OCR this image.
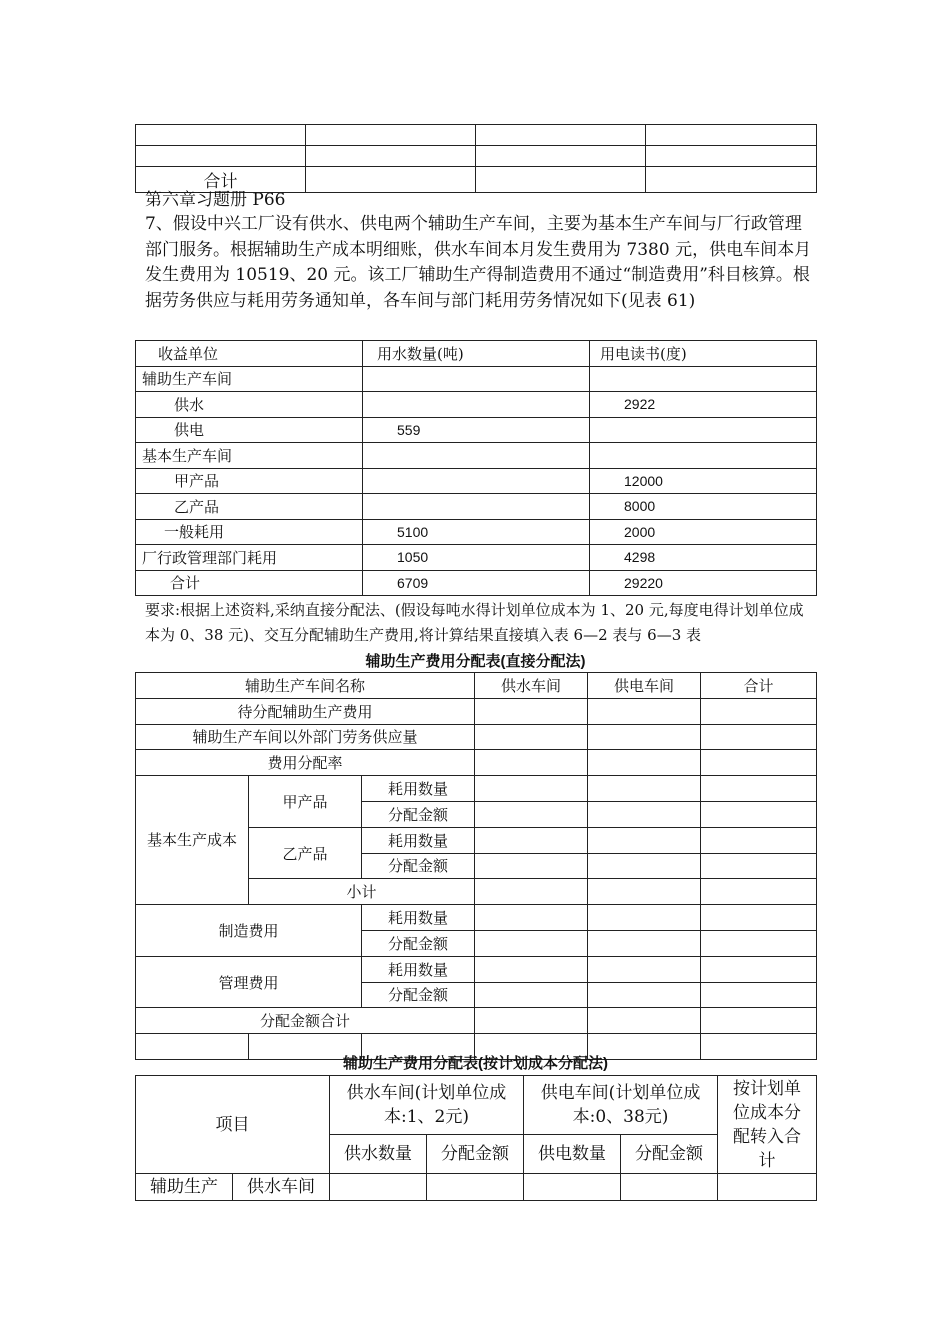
合计			
第六章习题册 P66
7、假设中兴工厂设有供水、供电两个辅助生产车间，主要为基本生产车间与厂行政管理部门服务。根据辅助生产成本明细账，供水车间本月发生费用为 7380 元，供电车间本月发生费用为 10519、20 元。该工厂辅助生产得制造费用不通过“制造费用”科目核算。根据劳务供应与耗用劳务通知单，各车间与部门耗用劳务情况如下(见表 61)
收益单位	用水数量(吨)	用电读书(度)
辅助生产车间		
供水		2922
供电	559	
基本生产车间		
甲产品		12000
乙产品		8000
一般耗用	5100	2000
厂行政管理部门耗用	1050	4298
合计	6709	29220
要求:根据上述资料,采纳直接分配法、(假设每吨水得计划单位成本为 1、20 元,每度电得计划单位成本为 0、38 元)、交互分配辅助生产费用,将计算结果直接填入表 6—2 表与 6—3 表
辅助生产费用分配表(直接分配法)
辅助生产车间名称			供水车间	供电车间	合计
待分配辅助生产费用					
辅助生产车间以外部门劳务供应量					
费用分配率					
基本生产成本	甲产品	耗用数量			
		分配金额			
	乙产品	耗用数量			
		分配金额			
	小计				
制造费用		耗用数量			
		分配金额			
管理费用		耗用数量			
		分配金额			
分配金额合计					

辅助生产费用分配表(按计划成本分配法)
项目		供水车间(计划单位成本:1、2元)		供电车间(计划单位成本:0、38元)		按计划单位成本分配转入合计
		供水数量	分配金额	供电数量	分配金额	
辅助生产	供水车间					
